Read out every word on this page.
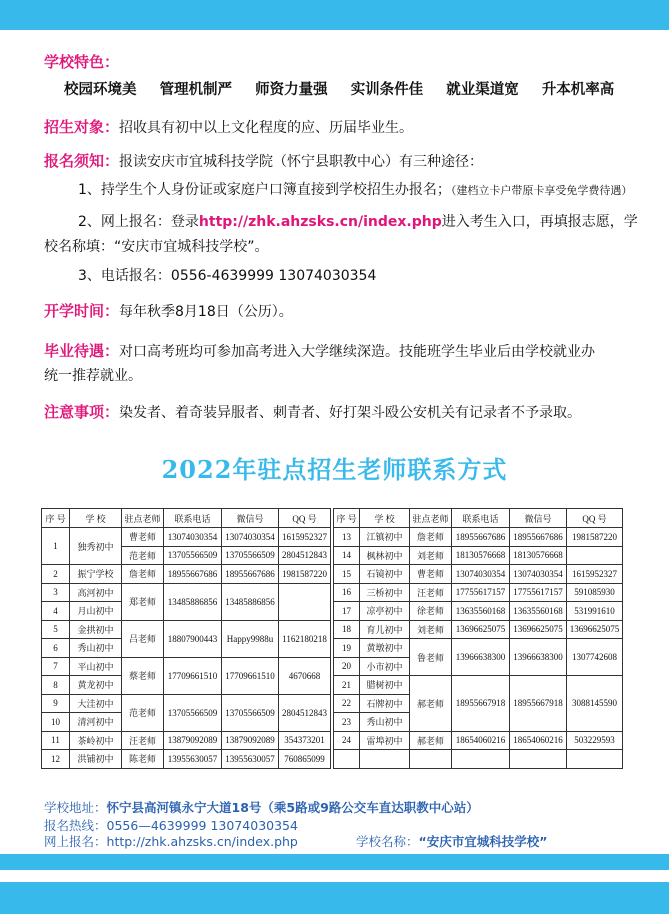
学校特色：
校园环境美 管理机制严 师资力量强 实训条件佳 就业渠道宽 升本机率高
招生对象：招收具有初中以上文化程度的应、历届毕业生。
报名须知：报读安庆市宜城科技学院（怀宁县职教中心）有三种途径：
1、持学生个人身份证或家庭户口簿直接到学校招生办报名；（建档立卡户带原卡享受免学费待遇）
2、网上报名：登录http://zhk.ahzsks.cn/index.php进入考生入口，再填报志愿，学
校名称填：“安庆市宜城科技学校”。
3、电话报名：0556-4639999 13074030354
开学时间：每年秋季8月18日（公历）。
毕业待遇：对口高考班均可参加高考进入大学继续深造。技能班学生毕业后由学校就业办
统一推荐就业。
注意事项：染发者、着奇装异服者、刺青者、好打架斗殴公安机关有记录者不予录取。
2022年驻点招生老师联系方式
序 号	学 校	驻点老师	联系电话	微信号	QQ 号
1	独秀初中	曹老师	13074030354	13074030354	1615952327
		范老师	13705566509	13705566509	2804512843
2	振宁学校	詹老师	18955667686	18955667686	1981587220
3	高河初中	郑老师	13485886856	13485886856	
4	月山初中				
5	金拱初中	吕老师	18807900443	Happy9988u	1162180218
6	秀山初中				
7	平山初中	蔡老师	17709661510	17709661510	4670668
8	黄龙初中				
9	大洼初中	范老师	13705566509	13705566509	2804512843
10	清河初中				
11	茶岭初中	汪老师	13879092089	13879092089	354373201
12	洪铺初中	陈老师	13955630057	13955630057	760865099
序 号	学 校	驻点老师	联系电话	微信号	QQ 号
13	江镇初中	詹老师	18955667686	18955667686	1981587220
14	枫林初中	刘老师	18130576668	18130576668	
15	石镜初中	曹老师	13074030354	13074030354	1615952327
16	三桥初中	汪老师	17755617157	17755617157	591085930
17	凉亭初中	徐老师	13635560168	13635560168	531991610
18	育儿初中	刘老师	13696625075	13696625075	13696625075
19	黄墩初中	鲁老师	13966638300	13966638300	1307742608
20	小市初中				
21	腊树初中	郝老师	18955667918	18955667918	3088145590
22	石牌初中				
23	秀山初中				
24	雷埠初中	郝老师	18654060216	18654060216	503229593

学校地址：怀宁县高河镇永宁大道18号（乘5路或9路公交车直达职教中心站）
报名热线：0556—4639999 13074030354
网上报名：http://zhk.ahzsks.cn/index.php	学校名称：“安庆市宜城科技学校”
